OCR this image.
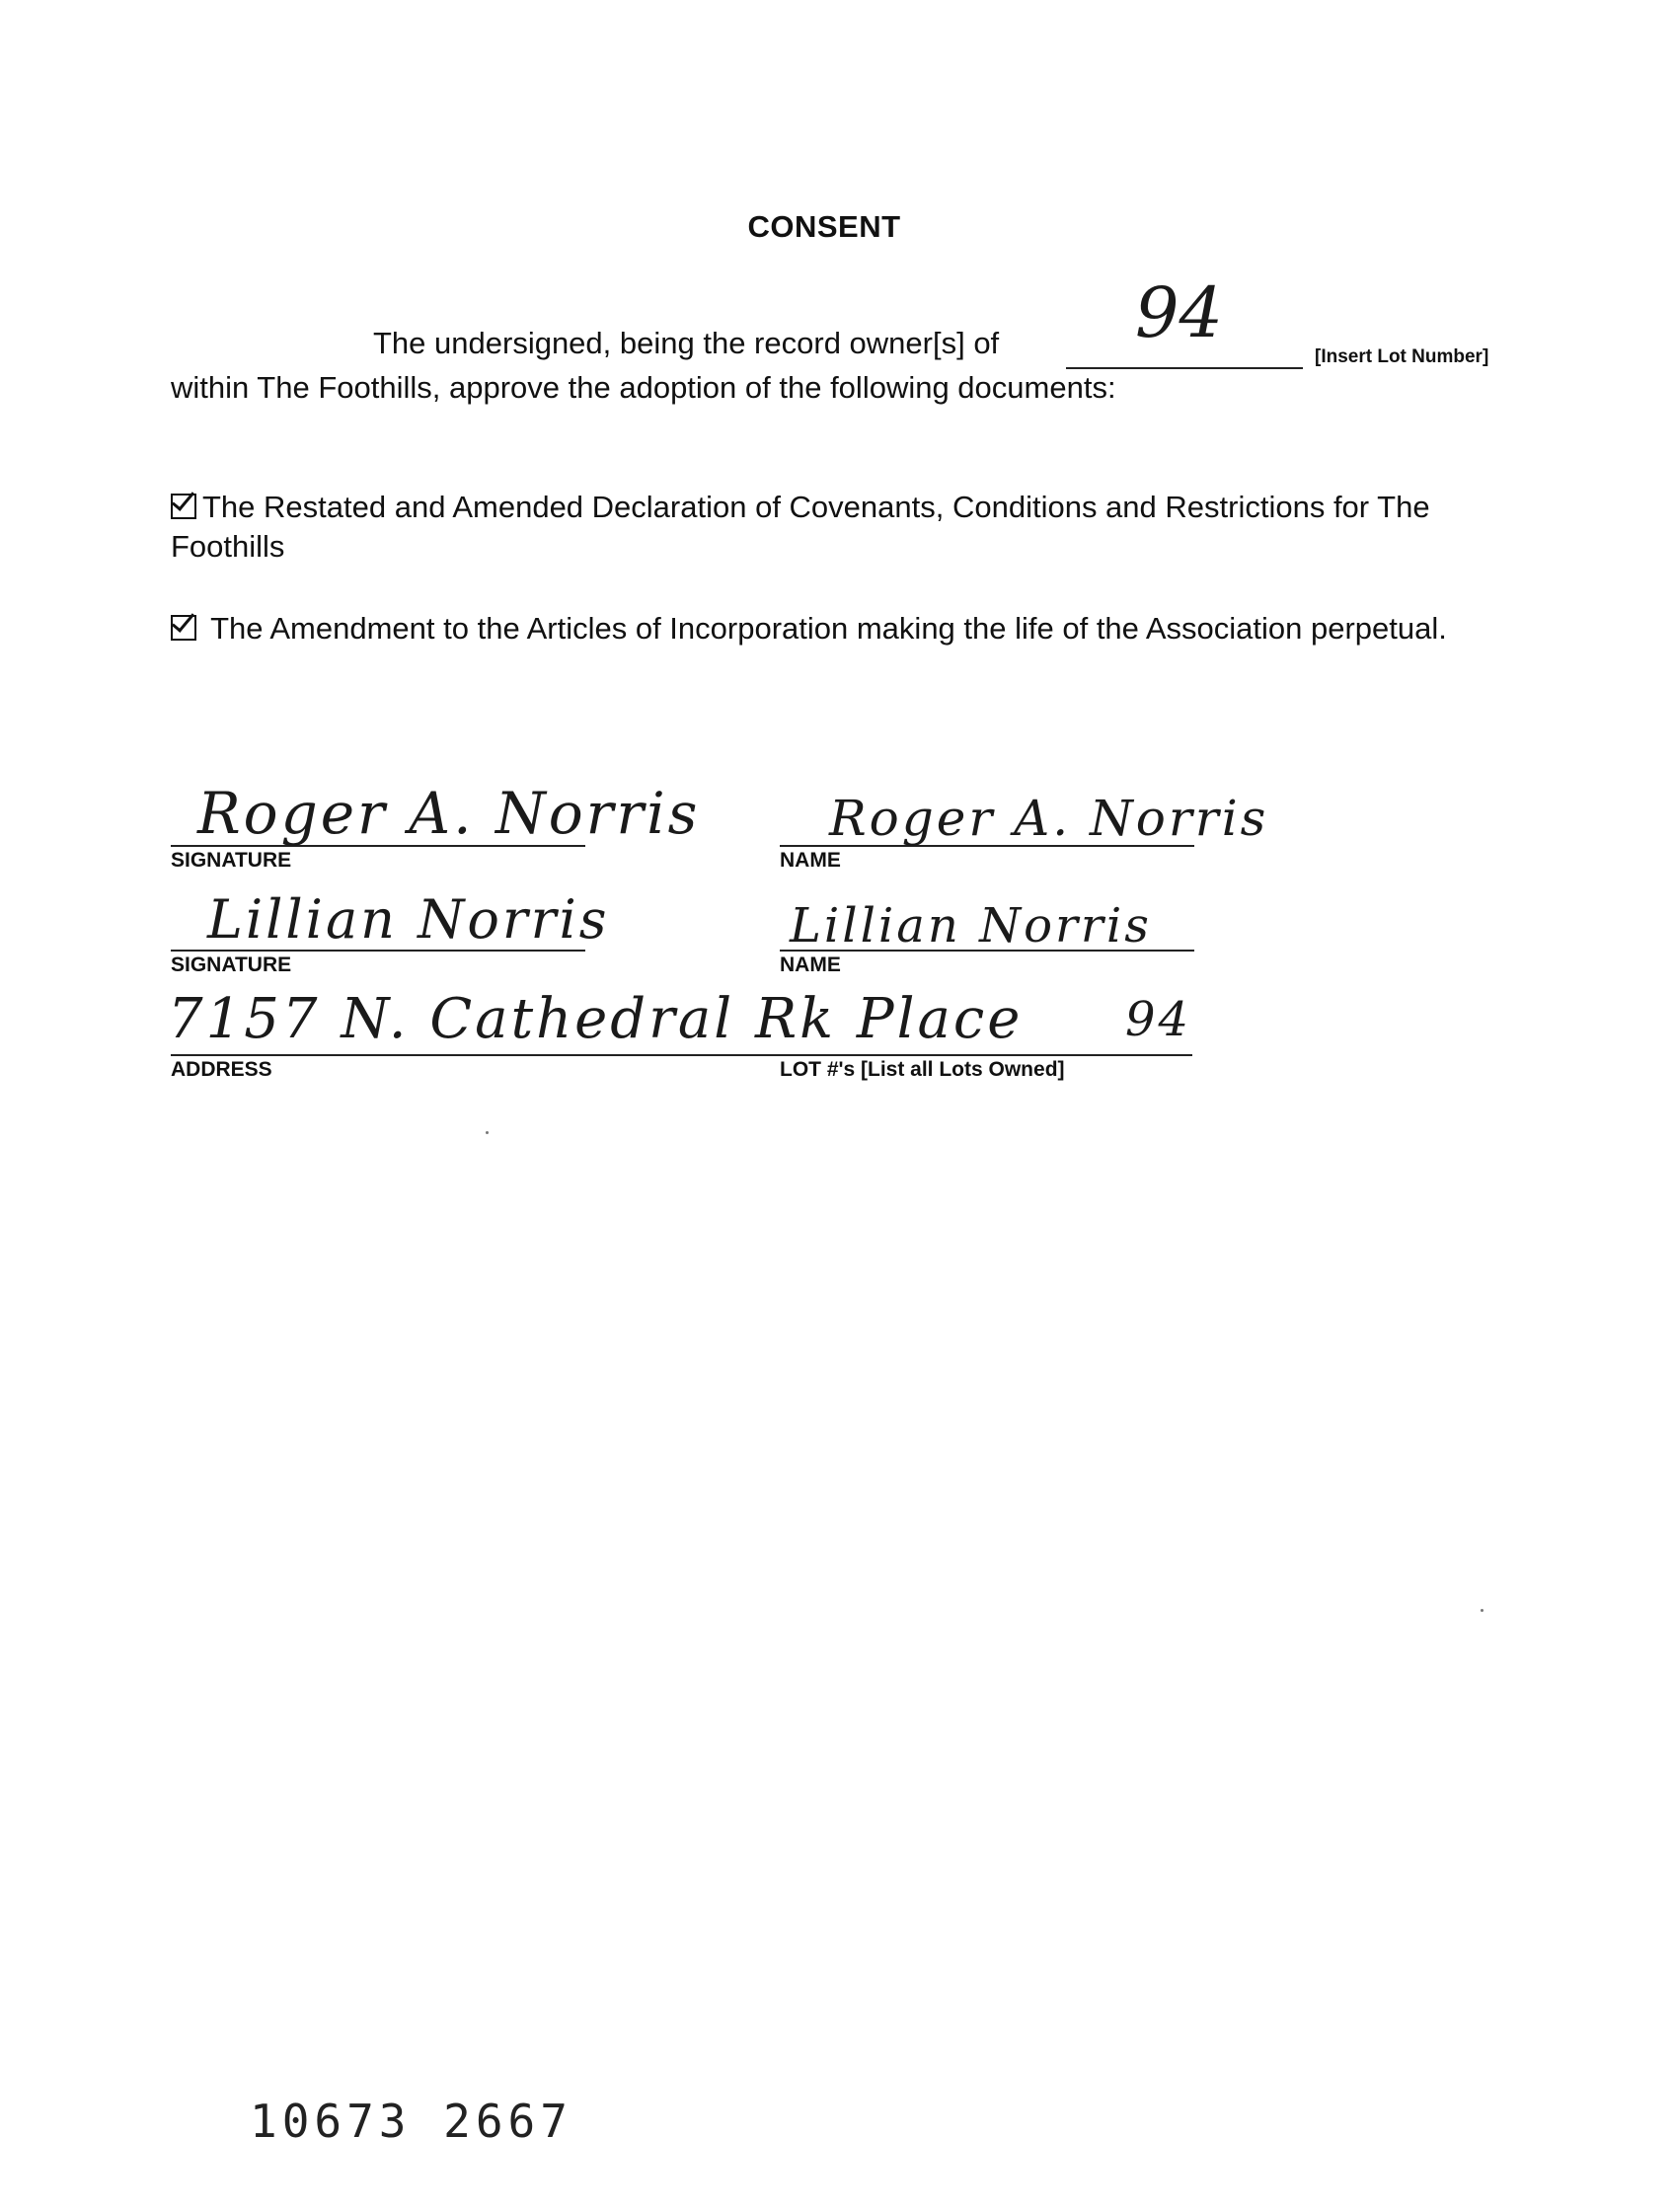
CONSENT
The undersigned, being the record owner[s] of 94
[Insert Lot Number]
within The Foothills, approve the adoption of the following documents:
The Restated and Amended Declaration of Covenants, Conditions and Restrictions for The Foothills
The Amendment to the Articles of Incorporation making the life of the Association perpetual.
Roger A. Norris
SIGNATURE
Roger A. Norris
NAME
Lillian Norris
SIGNATURE
Lillian Norris
NAME
7157 N. Cathedral Rk Place 94
ADDRESS	LOT #'s [List all Lots Owned]
10673 2667
